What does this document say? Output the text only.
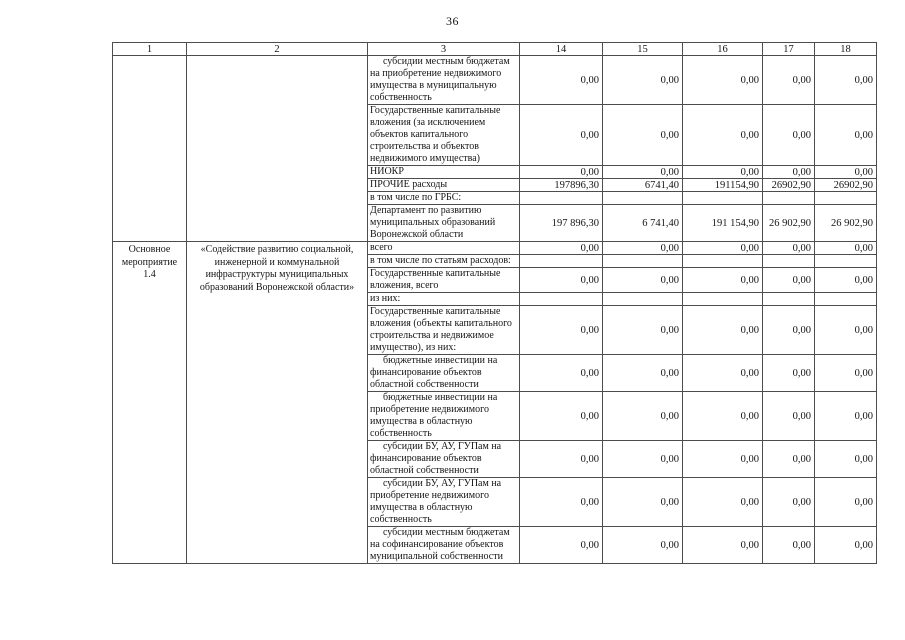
36
1	2	3	14	15	16	17	18
		субсидии местным бюджетам на приобретение недвижимого имущества в муниципальную собственность	0,00	0,00	0,00	0,00	0,00
		Государственные капитальные вложения (за исключением объектов капитального строительства и объектов недвижимого имущества)	0,00	0,00	0,00	0,00	0,00
		НИОКР	0,00	0,00	0,00	0,00	0,00
		ПРОЧИЕ расходы	197896,30	6741,40	191154,90	26902,90	26902,90
		в том числе по ГРБС:					
		Департамент по развитию муниципальных образований Воронежской области	197 896,30	6 741,40	191 154,90	26 902,90	26 902,90
Основное мероприятие 1.4	«Содействие развитию социальной, инженерной и коммунальной инфраструктуры муниципальных образований Воронежской области»	всего	0,00	0,00	0,00	0,00	0,00
		в том числе по статьям расходов:					
		Государственные капитальные вложения, всего	0,00	0,00	0,00	0,00	0,00
		из них:					
		Государственные капитальные вложения (объекты капитального строительства и недвижимое имущество), из них:	0,00	0,00	0,00	0,00	0,00
		бюджетные инвестиции на финансирование объектов областной собственности	0,00	0,00	0,00	0,00	0,00
		бюджетные инвестиции на приобретение недвижимого имущества в областную собственность	0,00	0,00	0,00	0,00	0,00
		субсидии БУ, АУ, ГУПам на финансирование объектов областной собственности	0,00	0,00	0,00	0,00	0,00
		субсидии БУ, АУ, ГУПам на приобретение недвижимого имущества в областную собственность	0,00	0,00	0,00	0,00	0,00
		субсидии местным бюджетам на софинансирование объектов муниципальной собственности	0,00	0,00	0,00	0,00	0,00
